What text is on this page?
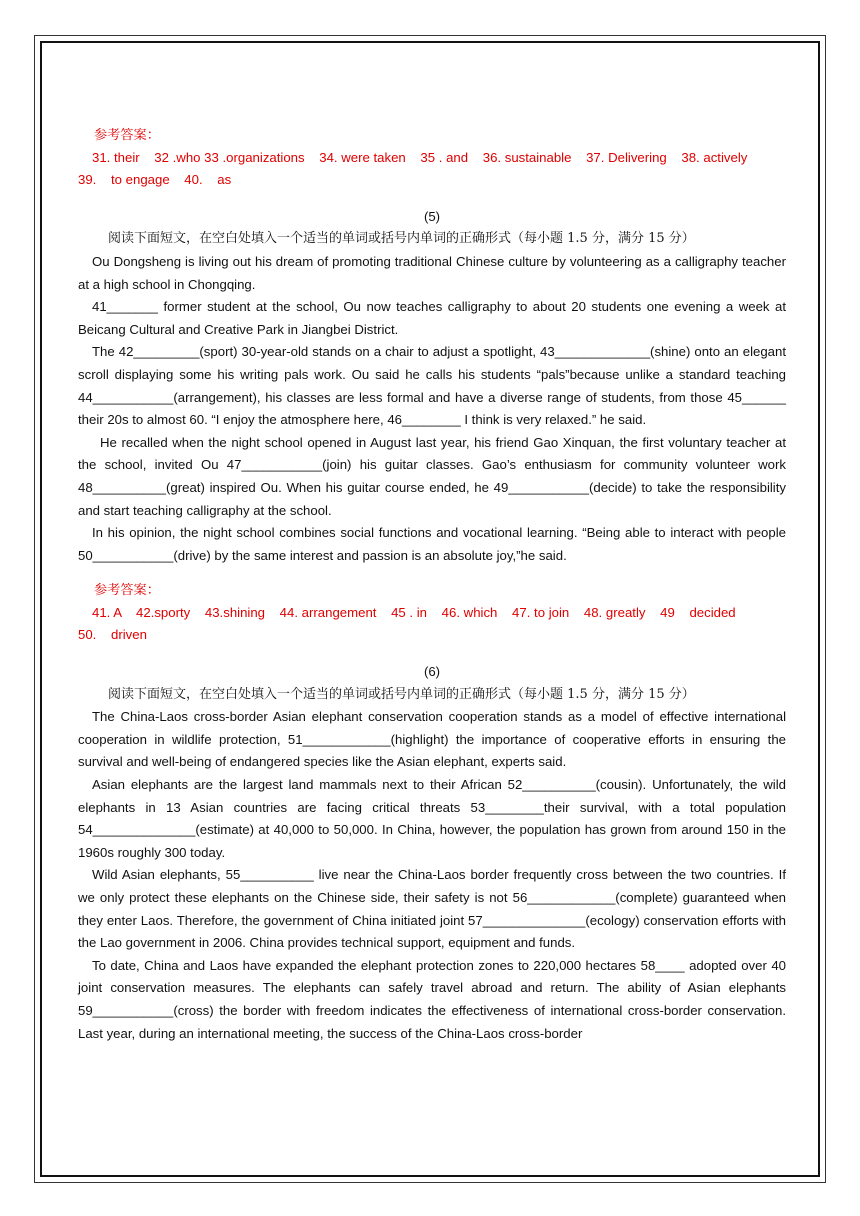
参考答案：

31. their    32 .who 33 .organizations    34. were taken    35 . and    36. sustainable    37. Delivering    38. actively

39.    to engage    40.    as

(5)

阅读下面短文，在空白处填入一个适当的单词或括号内单词的正确形式（每小题 1.5 分，满分 15 分）

Ou Dongsheng is living out his dream of promoting traditional Chinese culture by volunteering as a calligraphy teacher at a high school in Chongqing.

41_______ former student at the school, Ou now teaches calligraphy to about 20 students one evening a week at Beicang Cultural and Creative Park in Jiangbei District.

The 42_________(sport) 30-year-old stands on a chair to adjust a spotlight, 43_____________(shine) onto an elegant scroll displaying some his writing pals work. Ou said he calls his students “pals”because unlike a standard teaching 44___________(arrangement), his classes are less formal and have a diverse range of students, from those 45______ their 20s to almost 60. “I enjoy the atmosphere here, 46________ I think is very relaxed.” he said.

He recalled when the night school opened in August last year, his friend Gao Xinquan, the first voluntary teacher at the school, invited Ou 47___________(join) his guitar classes. Gao’s enthusiasm for community volunteer work 48__________(great) inspired Ou. When his guitar course ended, he 49___________(decide) to take the responsibility and start teaching calligraphy at the school.

In his opinion, the night school combines social functions and vocational learning. “Being able to interact with people 50___________(drive) by the same interest and passion is an absolute joy,”he said.

参考答案：

41. A    42.sporty    43.shining    44. arrangement    45 . in    46. which    47. to join    48. greatly    49    decided

50.    driven

(6)

阅读下面短文，在空白处填入一个适当的单词或括号内单词的正确形式（每小题 1.5 分，满分 15 分）

The China-Laos cross-border Asian elephant conservation cooperation stands as a model of effective international cooperation in wildlife protection, 51____________(highlight) the importance of cooperative efforts in ensuring the survival and well-being of endangered species like the Asian elephant, experts said.

Asian elephants are the largest land mammals next to their African 52__________(cousin). Unfortunately, the wild elephants in 13 Asian countries are facing critical threats 53________their survival, with a total population 54______________(estimate) at 40,000 to 50,000. In China, however, the population has grown from around 150 in the 1960s roughly 300 today.

Wild Asian elephants, 55__________ live near the China-Laos border frequently cross between the two countries. If we only protect these elephants on the Chinese side, their safety is not 56____________(complete) guaranteed when they enter Laos. Therefore, the government of China initiated joint 57______________(ecology) conservation efforts with the Lao government in 2006. China provides technical support, equipment and funds.

To date, China and Laos have expanded the elephant protection zones to 220,000 hectares 58____ adopted over 40 joint conservation measures. The elephants can safely travel abroad and return. The ability of Asian elephants 59___________(cross) the border with freedom indicates the effectiveness of international cross-border conservation. Last year, during an international meeting, the success of the China-Laos cross-border
